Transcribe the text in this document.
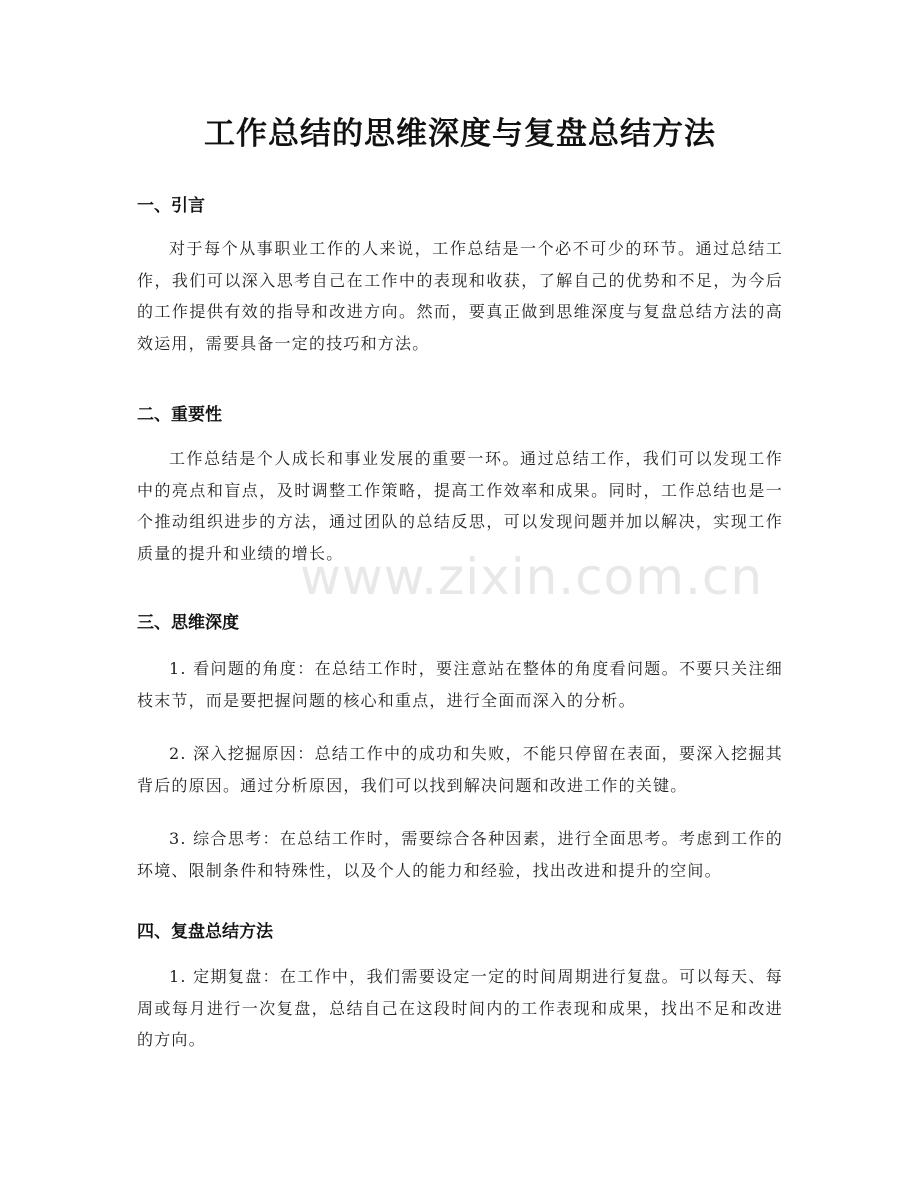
工作总结的思维深度与复盘总结方法
一、引言

对于每个从事职业工作的人来说，工作总结是一个必不可少的环节。通过总结工作，我们可以深入思考自己在工作中的表现和收获，了解自己的优势和不足，为今后的工作提供有效的指导和改进方向。然而，要真正做到思维深度与复盘总结方法的高效运用，需要具备一定的技巧和方法。

二、重要性

工作总结是个人成长和事业发展的重要一环。通过总结工作，我们可以发现工作中的亮点和盲点，及时调整工作策略，提高工作效率和成果。同时，工作总结也是一个推动组织进步的方法，通过团队的总结反思，可以发现问题并加以解决，实现工作质量的提升和业绩的增长。

三、思维深度

1. 看问题的角度：在总结工作时，要注意站在整体的角度看问题。不要只关注细枝末节，而是要把握问题的核心和重点，进行全面而深入的分析。

2. 深入挖掘原因：总结工作中的成功和失败，不能只停留在表面，要深入挖掘其背后的原因。通过分析原因，我们可以找到解决问题和改进工作的关键。

3. 综合思考：在总结工作时，需要综合各种因素，进行全面思考。考虑到工作的环境、限制条件和特殊性，以及个人的能力和经验，找出改进和提升的空间。

四、复盘总结方法

1. 定期复盘：在工作中，我们需要设定一定的时间周期进行复盘。可以每天、每周或每月进行一次复盘，总结自己在这段时间内的工作表现和成果，找出不足和改进的方向。

www.zixin.com.cn
